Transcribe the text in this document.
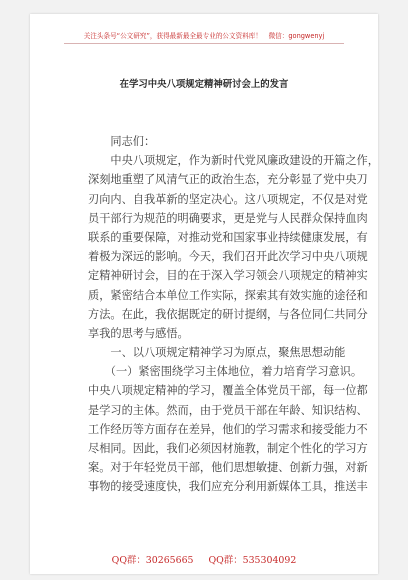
关注头条号“公文研究”，获得最新最全最专业的公文资料库！　微信：gongwenyj
在学习中央八项规定精神研讨会上的发言
　　同志们：
　　中央八项规定，作为新时代党风廉政建设的开篇之作，
深刻地重塑了风清气正的政治生态，充分彰显了党中央刀
刃向内、自我革新的坚定决心。这八项规定，不仅是对党
员干部行为规范的明确要求，更是党与人民群众保持血肉
联系的重要保障，对推动党和国家事业持续健康发展，有
着极为深远的影响。今天，我们召开此次学习中央八项规
定精神研讨会，目的在于深入学习领会八项规定的精神实
质，紧密结合本单位工作实际，探索其有效实施的途径和
方法。在此，我依据既定的研讨提纲，与各位同仁共同分
享我的思考与感悟。
　　一、以八项规定精神学习为原点，聚焦思想动能
　　（一）紧密围绕学习主体地位，着力培育学习意识。
中央八项规定精神的学习，覆盖全体党员干部，每一位都
是学习的主体。然而，由于党员干部在年龄、知识结构、
工作经历等方面存在差异，他们的学习需求和接受能力不
尽相同。因此，我们必须因材施教，制定个性化的学习方
案。对于年轻党员干部，他们思想敏捷、创新力强，对新
事物的接受速度快，我们应充分利用新媒体工具，推送丰
QQ群：30265665 QQ群：535304092
